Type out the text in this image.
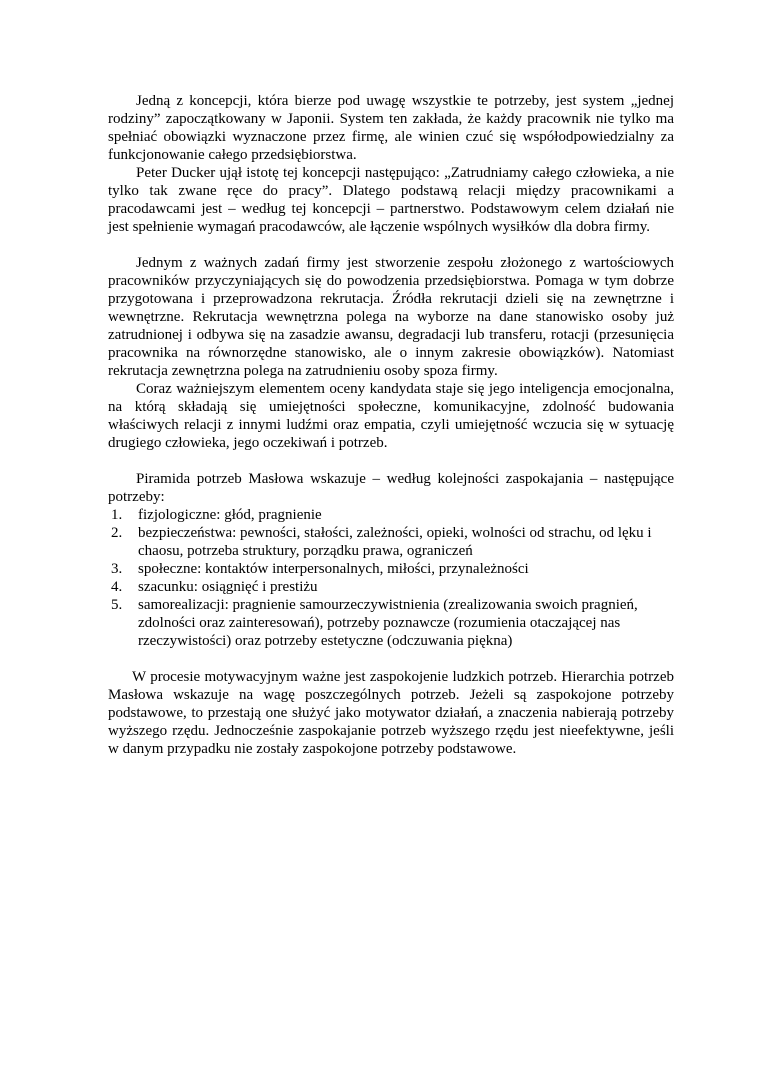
Jedną z koncepcji, która bierze pod uwagę wszystkie te potrzeby, jest system „jednej rodziny” zapoczątkowany w Japonii. System ten zakłada, że każdy pracownik nie tylko ma spełniać obowiązki wyznaczone przez firmę, ale winien czuć się współodpowiedzialny za funkcjonowanie całego przedsiębiorstwa.

Peter Ducker ujął istotę tej koncepcji następująco: „Zatrudniamy całego człowieka, a nie tylko tak zwane ręce do pracy”. Dlatego podstawą relacji między pracownikami a pracodawcami jest – według tej koncepcji – partnerstwo. Podstawowym celem działań nie jest spełnienie wymagań pracodawców, ale łączenie wspólnych wysiłków dla dobra firmy.

Jednym z ważnych zadań firmy jest stworzenie zespołu złożonego z wartościowych pracowników przyczyniających się do powodzenia przedsiębiorstwa. Pomaga w tym dobrze przygotowana i przeprowadzona rekrutacja. Źródła rekrutacji dzieli się na zewnętrzne i wewnętrzne. Rekrutacja wewnętrzna polega na wyborze na dane stanowisko osoby już zatrudnionej i odbywa się na zasadzie awansu, degradacji lub transferu, rotacji (przesunięcia pracownika na równorzędne stanowisko, ale o innym zakresie obowiązków). Natomiast rekrutacja zewnętrzna polega na zatrudnieniu osoby spoza firmy.

Coraz ważniejszym elementem oceny kandydata staje się jego inteligencja emocjonalna, na którą składają się umiejętności społeczne, komunikacyjne, zdolność budowania właściwych relacji z innymi ludźmi oraz empatia, czyli umiejętność wczucia się w sytuację drugiego człowieka, jego oczekiwań i potrzeb.

Piramida potrzeb Masłowa wskazuje – według kolejności zaspokajania – następujące potrzeby:

1. fizjologiczne: głód, pragnienie
2. bezpieczeństwa: pewności, stałości, zależności, opieki, wolności od strachu, od lęku i chaosu, potrzeba struktury, porządku prawa, ograniczeń
3. społeczne: kontaktów interpersonalnych, miłości, przynależności
4. szacunku: osiągnięć i prestiżu
5. samorealizacji: pragnienie samourzeczywistnienia (zrealizowania swoich pragnień, zdolności oraz zainteresowań), potrzeby poznawcze (rozumienia otaczającej nas rzeczywistości) oraz potrzeby estetyczne (odczuwania piękna)

W procesie motywacyjnym ważne jest zaspokojenie ludzkich potrzeb. Hierarchia potrzeb Masłowa wskazuje na wagę poszczególnych potrzeb. Jeżeli są zaspokojone potrzeby podstawowe, to przestają one służyć jako motywator działań, a znaczenia nabierają potrzeby wyższego rzędu. Jednocześnie zaspokajanie potrzeb wyższego rzędu jest nieefektywne, jeśli w danym przypadku nie zostały zaspokojone potrzeby podstawowe.
